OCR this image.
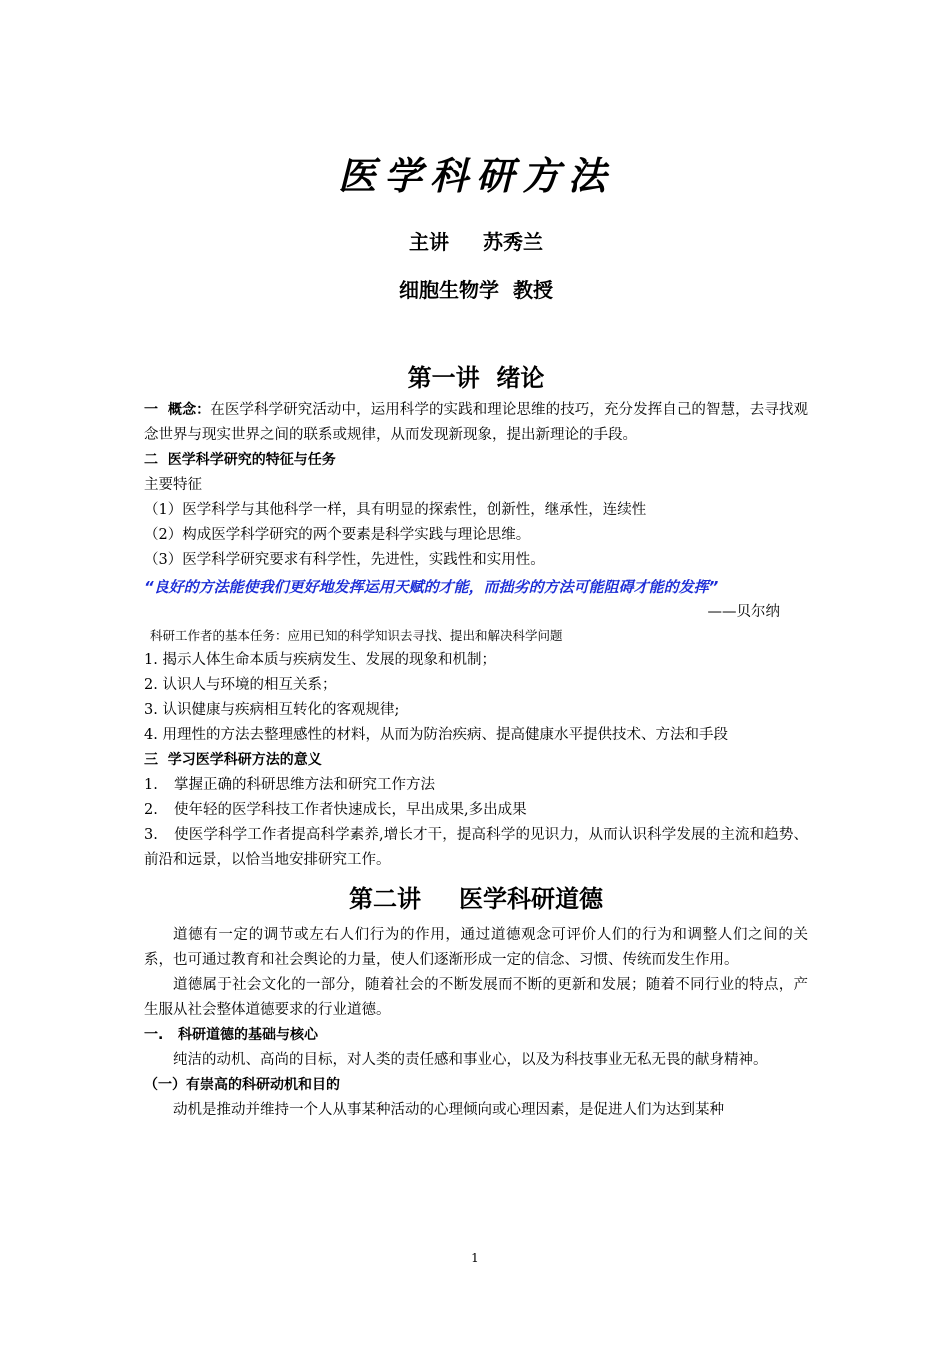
医学科研方法
主讲 苏秀兰
细胞生物学  教授
第一讲  绪论

一  概念：在医学科学研究活动中，运用科学的实践和理论思维的技巧，充分发挥自己的智慧，去寻找观念世界与现实世界之间的联系或规律，从而发现新现象，提出新理论的手段。

二  医学科学研究的特征与任务

主要特征

（1）医学科学与其他科学一样，具有明显的探索性，创新性，继承性，连续性

（2）构成医学科学研究的两个要素是科学实践与理论思维。

（3）医学科学研究要求有科学性，先进性，实践性和实用性。

“良好的方法能使我们更好地发挥运用天赋的才能，而拙劣的方法可能阻碍才能的发挥”
——贝尔纳

科研工作者的基本任务：应用已知的科学知识去寻找、提出和解决科学问题

1. 揭示人体生命本质与疾病发生、发展的现象和机制；

2. 认识人与环境的相互关系；

3. 认识健康与疾病相互转化的客观规律;

4. 用理性的方法去整理感性的材料，从而为防治疾病、提高健康水平提供技术、方法和手段

三  学习医学科研方法的意义

1. 掌握正确的科研思维方法和研究工作方法

2. 使年轻的医学科技工作者快速成长，早出成果,多出成果

3. 使医学科学工作者提高科学素养,增长才干，提高科学的见识力，从而认识科学发展的主流和趋势、前沿和远景，以恰当地安排研究工作。

第二讲 医学科研道德

道德有一定的调节或左右人们行为的作用，通过道德观念可评价人们的行为和调整人们之间的关系，也可通过教育和社会舆论的力量，使人们逐渐形成一定的信念、习惯、传统而发生作用。

道德属于社会文化的一部分，随着社会的不断发展而不断的更新和发展；随着不同行业的特点，产生服从社会整体道德要求的行业道德。

一.   科研道德的基础与核心

纯洁的动机、高尚的目标，对人类的责任感和事业心，以及为科技事业无私无畏的献身精神。

（一）有崇高的科研动机和目的

动机是推动并维持一个人从事某种活动的心理倾向或心理因素，是促进人们为达到某种

1
